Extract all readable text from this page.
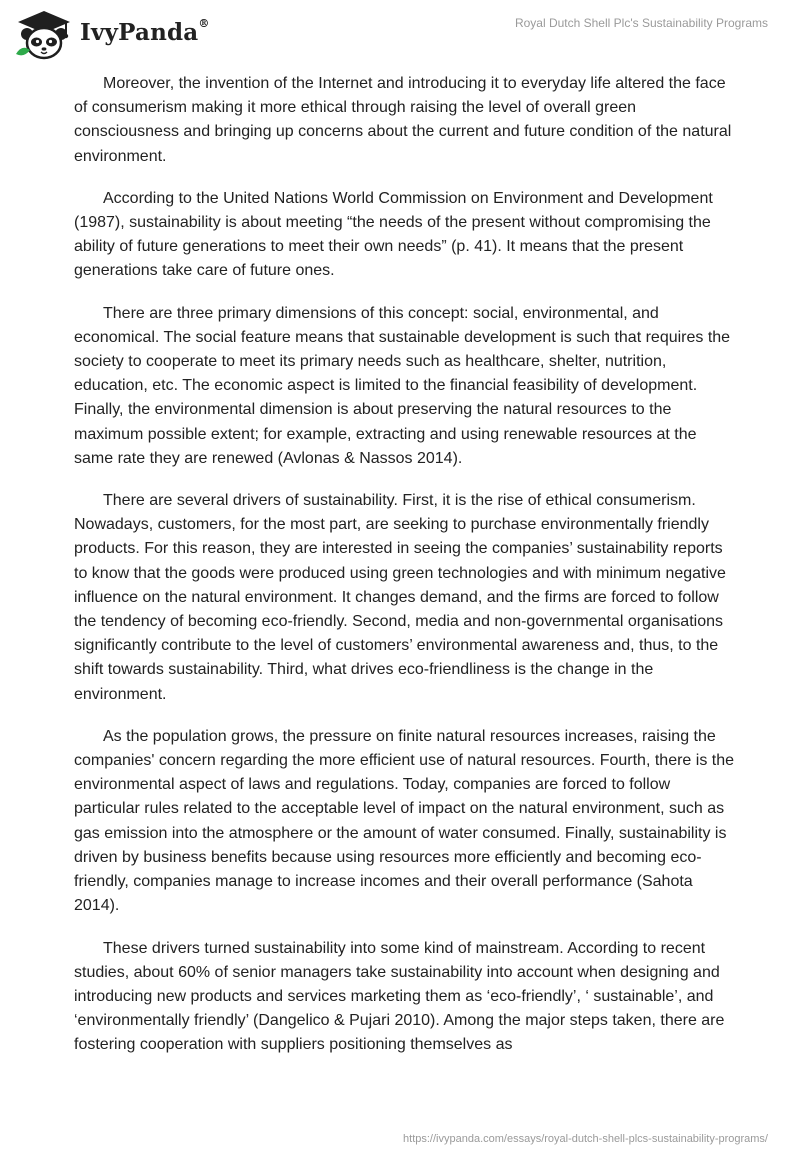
IvyPanda®	Royal Dutch Shell Plc's Sustainability Programs

Moreover, the invention of the Internet and introducing it to everyday life altered the face of consumerism making it more ethical through raising the level of overall green consciousness and bringing up concerns about the current and future condition of the natural environment.

According to the United Nations World Commission on Environment and Development (1987), sustainability is about meeting “the needs of the present without compromising the ability of future generations to meet their own needs” (p. 41). It means that the present generations take care of future ones.

There are three primary dimensions of this concept: social, environmental, and economical. The social feature means that sustainable development is such that requires the society to cooperate to meet its primary needs such as healthcare, shelter, nutrition, education, etc. The economic aspect is limited to the financial feasibility of development. Finally, the environmental dimension is about preserving the natural resources to the maximum possible extent; for example, extracting and using renewable resources at the same rate they are renewed (Avlonas & Nassos 2014).

There are several drivers of sustainability. First, it is the rise of ethical consumerism. Nowadays, customers, for the most part, are seeking to purchase environmentally friendly products. For this reason, they are interested in seeing the companies’ sustainability reports to know that the goods were produced using green technologies and with minimum negative influence on the natural environment. It changes demand, and the firms are forced to follow the tendency of becoming eco-friendly. Second, media and non-governmental organisations significantly contribute to the level of customers’ environmental awareness and, thus, to the shift towards sustainability. Third, what drives eco-friendliness is the change in the environment.

As the population grows, the pressure on finite natural resources increases, raising the companies' concern regarding the more efficient use of natural resources. Fourth, there is the environmental aspect of laws and regulations. Today, companies are forced to follow particular rules related to the acceptable level of impact on the natural environment, such as gas emission into the atmosphere or the amount of water consumed. Finally, sustainability is driven by business benefits because using resources more efficiently and becoming eco-friendly, companies manage to increase incomes and their overall performance (Sahota 2014).

These drivers turned sustainability into some kind of mainstream. According to recent studies, about 60% of senior managers take sustainability into account when designing and introducing new products and services marketing them as ‘eco-friendly’, ‘ sustainable’, and ‘environmentally friendly’ (Dangelico & Pujari 2010). Among the major steps taken, there are fostering cooperation with suppliers positioning themselves as

https://ivypanda.com/essays/royal-dutch-shell-plcs-sustainability-programs/
